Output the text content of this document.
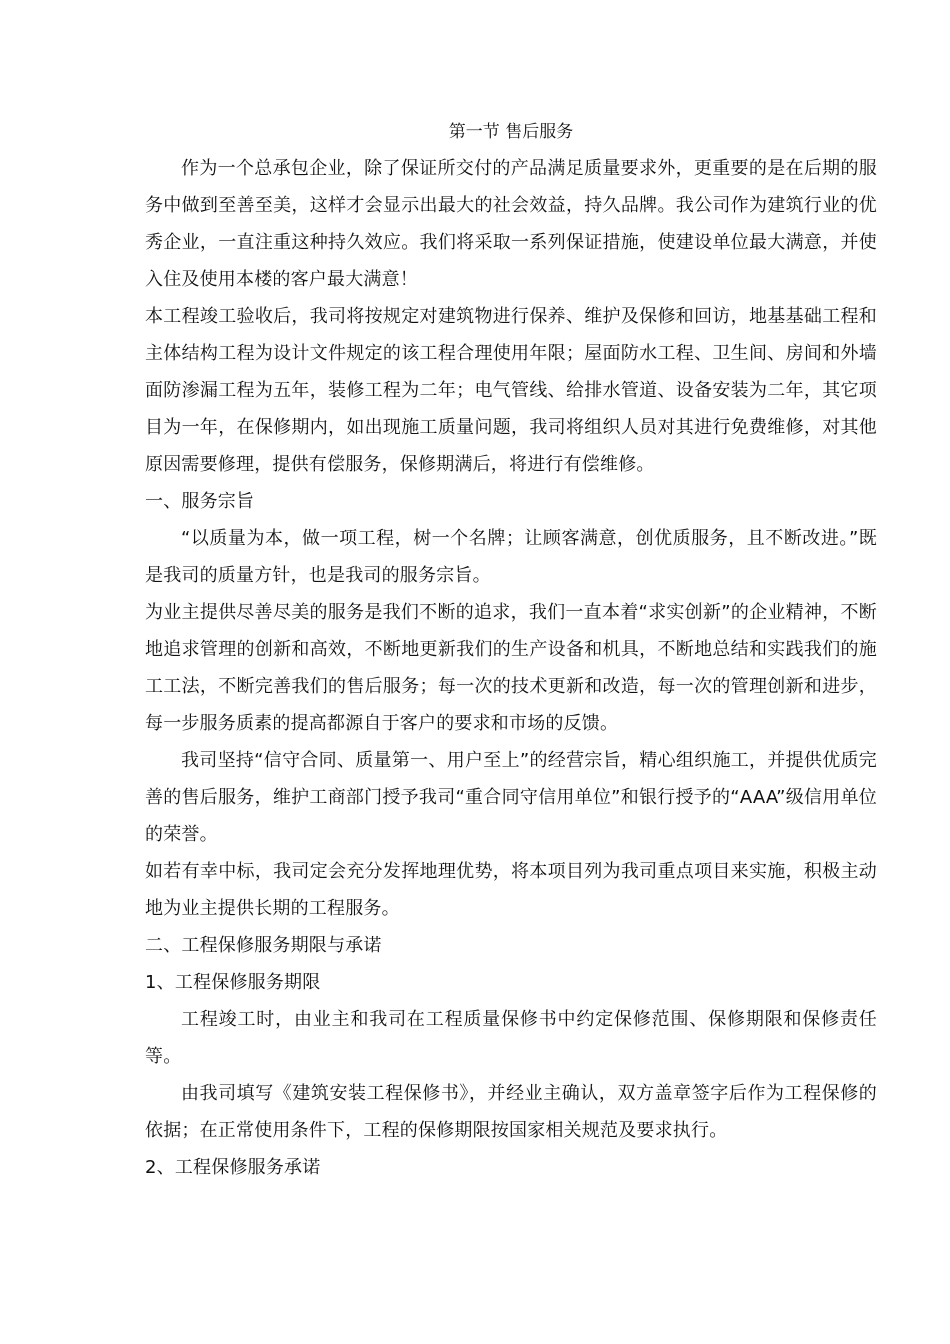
第一节 售后服务

作为一个总承包企业，除了保证所交付的产品满足质量要求外，更重要的是在后期的服务中做到至善至美，这样才会显示出最大的社会效益，持久品牌。我公司作为建筑行业的优秀企业，一直注重这种持久效应。我们将采取一系列保证措施，使建设单位最大满意，并使入住及使用本楼的客户最大满意！

本工程竣工验收后，我司将按规定对建筑物进行保养、维护及保修和回访，地基基础工程和主体结构工程为设计文件规定的该工程合理使用年限；屋面防水工程、卫生间、房间和外墙面防渗漏工程为五年，装修工程为二年；电气管线、给排水管道、设备安装为二年，其它项目为一年，在保修期内，如出现施工质量问题，我司将组织人员对其进行免费维修，对其他原因需要修理，提供有偿服务，保修期满后，将进行有偿维修。

一、服务宗旨

“以质量为本，做一项工程，树一个名牌；让顾客满意，创优质服务，且不断改进。”既是我司的质量方针，也是我司的服务宗旨。

为业主提供尽善尽美的服务是我们不断的追求，我们一直本着“求实创新”的企业精神，不断地追求管理的创新和高效，不断地更新我们的生产设备和机具，不断地总结和实践我们的施工工法，不断完善我们的售后服务；每一次的技术更新和改造，每一次的管理创新和进步，每一步服务质素的提高都源自于客户的要求和市场的反馈。

我司坚持“信守合同、质量第一、用户至上”的经营宗旨，精心组织施工，并提供优质完善的售后服务，维护工商部门授予我司“重合同守信用单位”和银行授予的“AAA”级信用单位的荣誉。

如若有幸中标，我司定会充分发挥地理优势，将本项目列为我司重点项目来实施，积极主动地为业主提供长期的工程服务。

二、工程保修服务期限与承诺

1、工程保修服务期限

工程竣工时，由业主和我司在工程质量保修书中约定保修范围、保修期限和保修责任等。

由我司填写《建筑安装工程保修书》，并经业主确认，双方盖章签字后作为工程保修的依据；在正常使用条件下，工程的保修期限按国家相关规范及要求执行。

2、工程保修服务承诺
